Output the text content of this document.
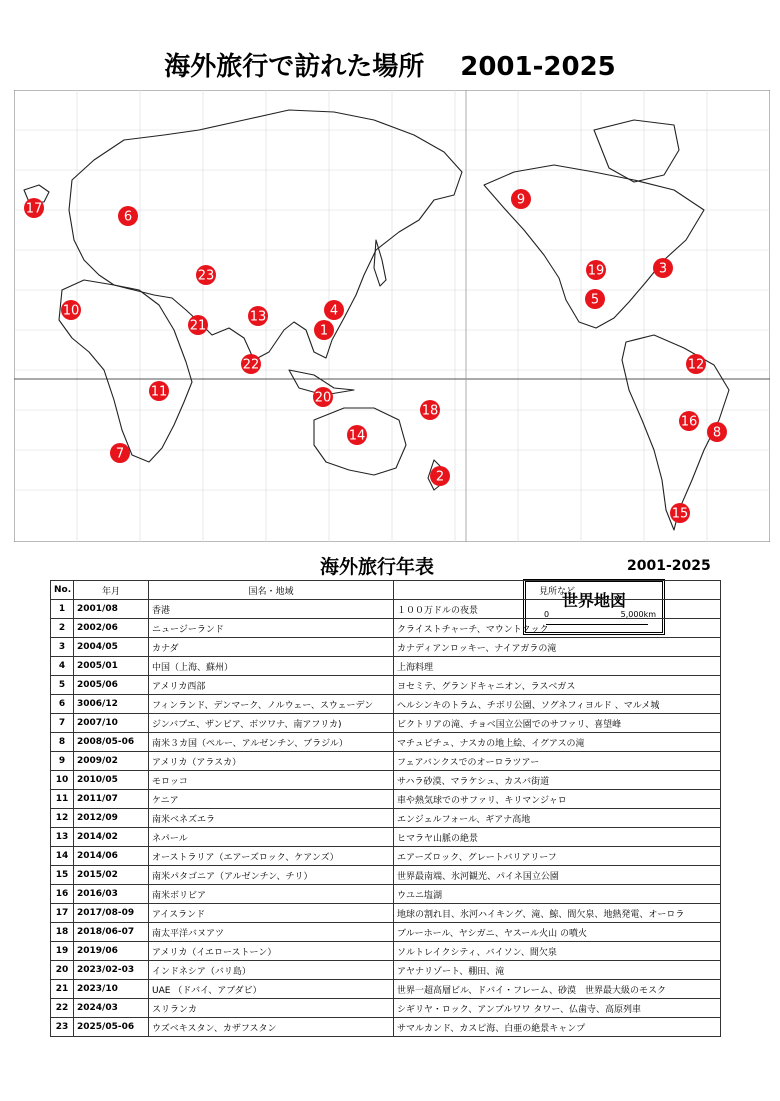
海外旅行で訪れた場所 2001-2025
1
2
3
4
5
6
7
8
9
10
11
12
13
14
15
16
17
18
19
20
21
22
23
世界地図
0	5,000km
海外旅行年表	2001-2025
No.	年月	国名・地域	見所など
1	2001/08	香港	１００万ドルの夜景
2	2002/06	ニュージーランド	クライストチャーチ、マウントクック
3	2004/05	カナダ	カナディアンロッキー、ナイアガラの滝
4	2005/01	中国（上海、蘇州）	上海料理
5	2005/06	アメリカ西部	ヨセミテ、グランドキャニオン、ラスベガス
6	3006/12	フィンランド、デンマーク、ノルウェー、スウェーデン	ヘルシンキのトラム、チボリ公園、ソグネフィヨルド 、マルメ城
7	2007/10	ジンバブエ、ザンビア、ボツワナ、南アフリカ)	ビクトリアの滝、チョベ国立公園でのサファリ、喜望峰
8	2008/05-06	南米３カ国（ペルー、アルゼンチン、ブラジル）	マチュピチュ、ナスカの地上絵、イグアスの滝
9	2009/02	アメリカ（アラスカ）	フェアバンクスでのオーロラツアー
10	2010/05	モロッコ	サハラ砂漠、マラケシュ、カスバ街道
11	2011/07	ケニア	車や熱気球でのサファリ、キリマンジャロ
12	2012/09	南米ベネズエラ	エンジェルフォール、ギアナ高地
13	2014/02	ネパール	ヒマラヤ山脈の絶景
14	2014/06	オーストラリア（エアーズロック、ケアンズ）	エアーズロック、グレートバリアリーフ
15	2015/02	南米パタゴニア（アルゼンチン、チリ）	世界最南端、氷河観光、パイネ国立公園
16	2016/03	南米ボリビア	ウユニ塩湖
17	2017/08-09	アイスランド	地球の割れ目、氷河ハイキング、滝、鯨、間欠泉、地熱発電、オーロラ
18	2018/06-07	南太平洋バヌアツ	ブルーホール、ヤシガニ、ヤスール火山 の噴火
19	2019/06	アメリカ（イエローストーン）	ソルトレイクシティ、バイソン、間欠泉
20	2023/02-03	インドネシア（バリ島）	アヤナリゾート、棚田、滝
21	2023/10	UAE （ドバイ、アブダビ）	世界一超高層ビル、ドバイ・フレーム、砂漠　世界最大級のモスク
22	2024/03	スリランカ	シギリヤ・ロック、アンブルワワ タワー、仏歯寺、高原列車
23	2025/05-06	ウズベキスタン、カザフスタン	サマルカンド、カスピ海、白亜の絶景キャンプ
